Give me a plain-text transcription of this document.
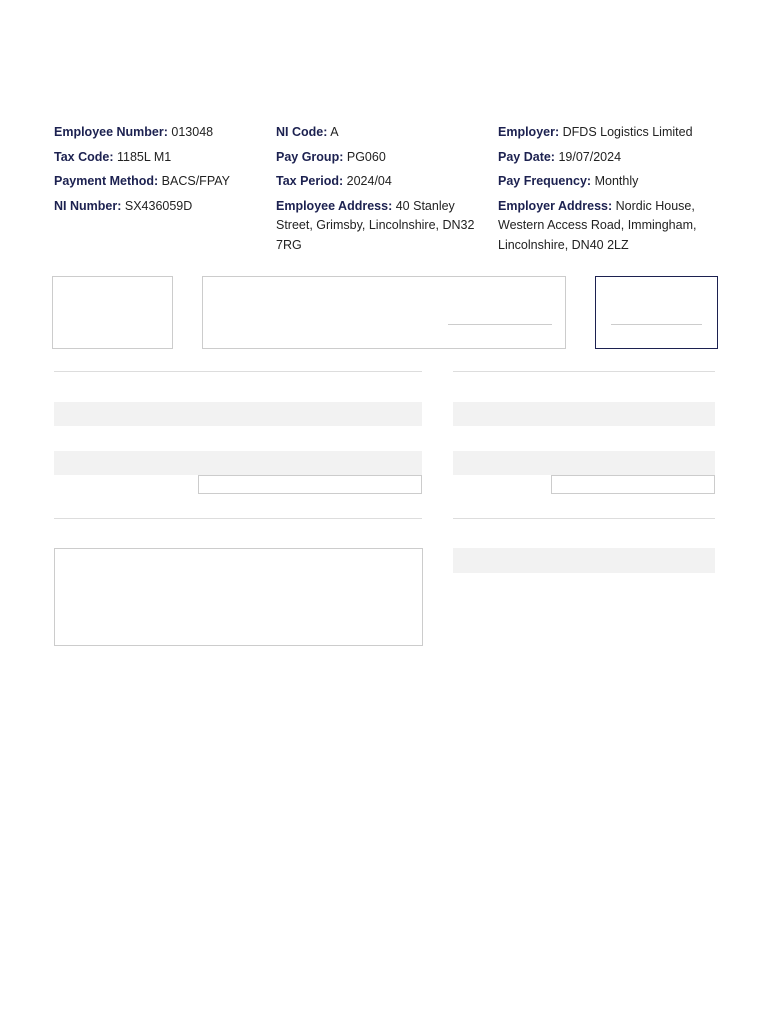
Employee Number: 013048
Tax Code: 1185L M1
Payment Method: BACS/FPAY
NI Number: SX436059D
NI Code: A
Pay Group: PG060
Tax Period: 2024/04
Employee Address: 40 Stanley Street, Grimsby, Lincolnshire, DN32 7RG
Employer: DFDS Logistics Limited
Pay Date: 19/07/2024
Pay Frequency: Monthly
Employer Address: Nordic House, Western Access Road, Immingham, Lincolnshire, DN40 2LZ
